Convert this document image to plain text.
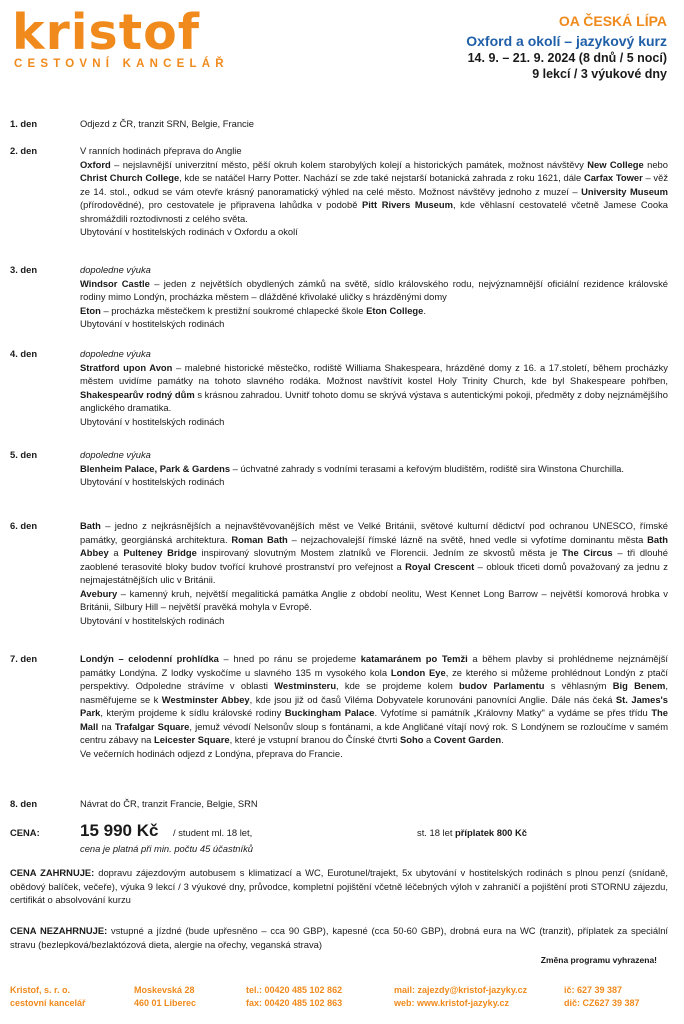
kristof
CESTOVNÍ KANCELÁŘ
OA ČESKÁ LÍPA
Oxford a okolí – jazykový kurz
14. 9. – 21. 9. 2024 (8 dnů / 5 nocí)
9 lekcí / 3 výukové dny
1. den	Odjezd z ČR, tranzit SRN, Belgie, Francie

2. den	V ranních hodinách přeprava do Anglie

Oxford – nejslavnější univerzitní město, pěší okruh kolem starobylých kolejí a historických památek, možnost návštěvy New College nebo Christ Church College, kde se natáčel Harry Potter. Nachází se zde také nejstarší botanická zahrada z roku 1621, dále Carfax Tower – věž ze 14. stol., odkud se vám otevře krásný panoramatický výhled na celé město. Možnost návštěvy jednoho z muzeí – University Museum (přírodovědné), pro cestovatele je připravena lahůdka v podobě Pitt Rivers Museum, kde věhlasní cestovatelé včetně Jamese Cooka shromáždili roztodivnosti z celého světa.

Ubytování v hostitelských rodinách v Oxfordu a okolí

3. den	dopoledne výuka

Windsor Castle – jeden z největších obydlených zámků na světě, sídlo královského rodu, nejvýznamnější oficiální rezidence královské rodiny mimo Londýn, procházka městem – dlážděné křivolaké uličky s hrázděnými domy

Eton – procházka městečkem k prestižní soukromé chlapecké škole Eton College.

Ubytování v hostitelských rodinách

4. den	dopoledne výuka

Stratford upon Avon – malebné historické městečko, rodiště Williama Shakespeara, hrázděné domy z 16. a 17.století, během procházky městem uvidíme památky na tohoto slavného rodáka. Možnost navštívit kostel Holy Trinity Church, kde byl Shakespeare pohřben, Shakespearův rodný dům s krásnou zahradou. Uvnitř tohoto domu se skrývá výstava s autentickými pokoji, předměty z doby nejznámějšího anglického dramatika.

Ubytování v hostitelských rodinách

5. den	dopoledne výuka

Blenheim Palace, Park & Gardens – úchvatné zahrady s vodními terasami a keřovým bludištěm, rodiště sira Winstona Churchilla.

Ubytování v hostitelských rodinách

6. den	Bath – jedno z nejkrásnějších a nejnavštěvovanějších měst ve Velké Británii, světové kulturní dědictví pod ochranou UNESCO, římské památky, georgiánská architektura. Roman Bath – nejzachovalejší římské lázně na světě, hned vedle si vyfotíme dominantu města Bath Abbey a Pulteney Bridge inspirovaný slovutným Mostem zlatníků ve Florencii. Jedním ze skvostů města je The Circus – tři dlouhé zaoblené terasovité bloky budov tvořící kruhové prostranství pro veřejnost a Royal Crescent – oblouk třiceti domů považovaný za jednu z nejmajestátnějších ulic v Británii.

Avebury – kamenný kruh, největší megalitická památka Anglie z období neolitu, West Kennet Long Barrow – největší komorová hrobka v Británii, Silbury Hill – největší pravěká mohyla v Evropě.

Ubytování v hostitelských rodinách

7. den	Londýn – celodenní prohlídka – hned po ránu se projedeme katamaránem po Temži a během plavby si prohlédneme nejznámější památky Londýna. Z lodky vyskočíme u slavného 135 m vysokého kola London Eye, ze kterého si můžeme prohlédnout Londýn z ptačí perspektivy. Odpoledne strávíme v oblasti Westminsteru, kde se projdeme kolem budov Parlamentu s věhlasným Big Benem, nasměřujeme se k Westminster Abbey, kde jsou již od časů Viléma Dobyvatele korunováni panovníci Anglie. Dále nás čeká St. James's Park, kterým projdeme k sídlu královské rodiny Buckingham Palace. Vyfotíme si památník „Královny Matky" a vydáme se přes třídu The Mall na Trafalgar Square, jemuž vévodí Nelsonův sloup s fontánami, a kde Angličané vítají nový rok. S Londýnem se rozloučíme v samém centru zábavy na Leicester Square, které je vstupní branou do Čínské čtvrti Soho a Covent Garden.

Ve večerních hodinách odjezd z Londýna, přeprava do Francie.

8. den	Návrat do ČR, tranzit Francie, Belgie, SRN

CENA: 15 990 Kč / student ml. 18 let,
cena je platná při min. počtu 45 účastníků
st. 18 let příplatek 800 Kč
CENA ZAHRNUJE: dopravu zájezdovým autobusem s klimatizací a WC, Eurotunel/trajekt, 5x ubytování v hostitelských rodinách s plnou penzí (snídaně, obědový balíček, večeře), výuka 9 lekcí / 3 výukové dny, průvodce, kompletní pojištění včetně léčebných výloh v zahraničí a pojištění proti STORNU zájezdu, certifikát o absolvování kurzu
CENA NEZAHRNUJE: vstupné a jízdné (bude upřesněno – cca 90 GBP), kapesné (cca 50-60 GBP), drobná eura na WC (tranzit), příplatek za speciální stravu (bezlepková/bezlaktózová dieta, alergie na ořechy, veganská strava)
Změna programu vyhrazena!
Kristof, s. r. o.
cestovní kancelář
Moskevská 28
460 01 Liberec
tel.: 00420 485 102 862
fax: 00420 485 102 863
mail: zajezdy@kristof-jazyky.cz
web: www.kristof-jazyky.cz
ič: 627 39 387
dič: CZ627 39 387
